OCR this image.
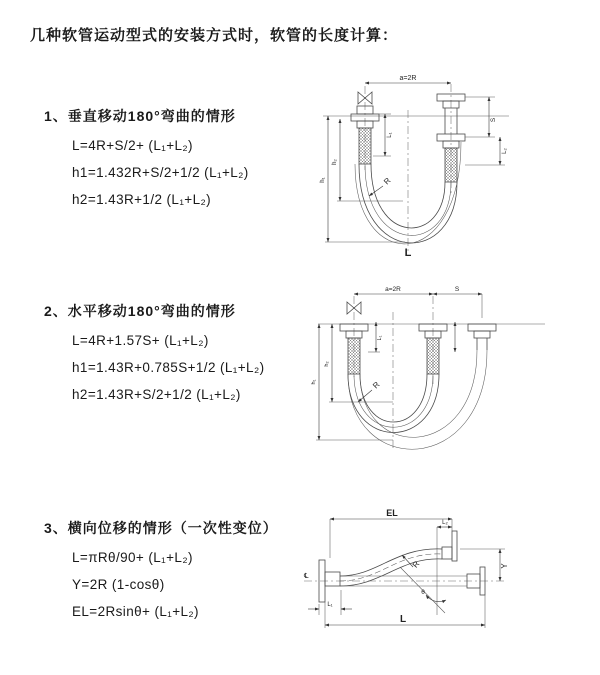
几种软管运动型式的安装方式时，软管的长度计算：
1、垂直移动180°弯曲的情形
L=4R+S/2+ (L₁+L₂)
h1=1.432R+S/2+1/2 (L₁+L₂)
h2=1.43R+1/2 (L₁+L₂)
2、水平移动180°弯曲的情形
L=4R+1.57S+ (L₁+L₂)
h1=1.43R+0.785S+1/2 (L₁+L₂)
h2=1.43R+S/2+1/2 (L₁+L₂)
3、横向位移的情形（一次性变位）
L=πRθ/90+ (L₁+L₂)
Y=2R (1-cosθ)
EL=2Rsinθ+ (L₁+L₂)
a=2R
S
L₂
L₁
h₁
h₂
R
L
a=2R	S
L₁
h₂
h₁	R
℄
EL
L₂
Y
R
θ
L₁
L
